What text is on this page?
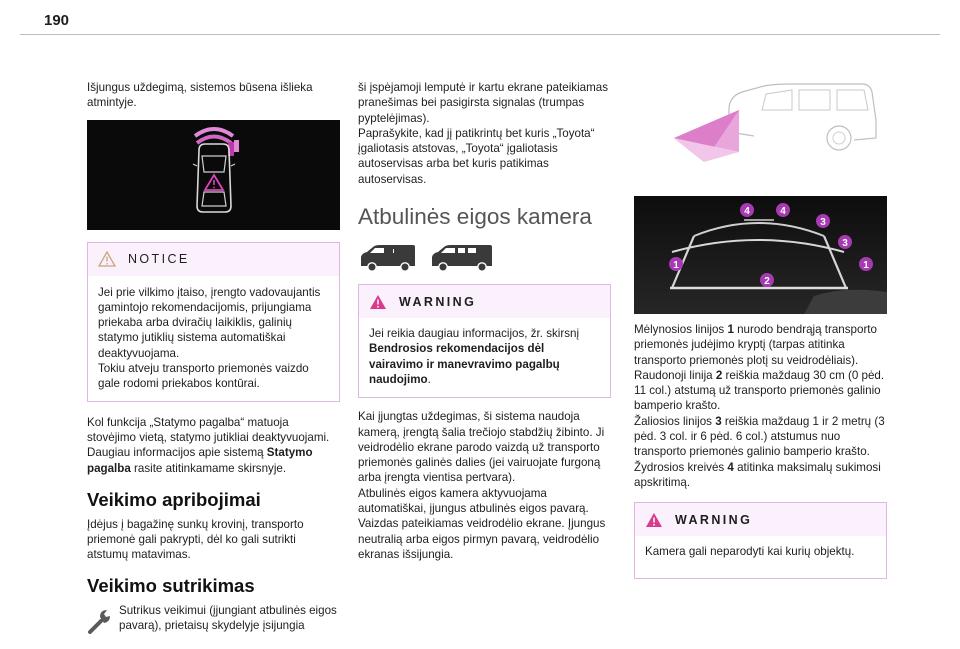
190

Išjungus uždegimą, sistemos būsena išlieka atmintyje.

NOTICE

Jei prie vilkimo įtaiso, įrengto vadovaujantis gamintojo rekomendacijomis, prijungiama priekaba arba dviračių laikiklis, galinių statymo jutiklių sistema automatiškai deaktyvuojama.
Tokiu atveju transporto priemonės vaizdo gale rodomi priekabos kontūrai.

Kol funkcija „Statymo pagalba“ matuoja stovėjimo vietą, statymo jutikliai deaktyvuojami. Daugiau informacijos apie sistemą Statymo pagalba rasite atitinkamame skirsnyje.

Veikimo apribojimai

Įdėjus į bagažinę sunkų krovinį, transporto priemonė gali pakrypti, dėl ko gali sutrikti atstumų matavimas.

Veikimo sutrikimas

Sutrikus veikimui (įjungiant atbulinės eigos pavarą), prietaisų skydelyje įsijungia

ši įspėjamoji lemputė ir kartu ekrane pateikiamas pranešimas bei pasigirsta signalas (trumpas pyptelėjimas).
Paprašykite, kad jį patikrintų bet kuris „Toyota“ įgaliotasis atstovas, „Toyota“ įgaliotasis autoservisas arba bet kuris patikimas autoservisas.

Atbulinės eigos kamera
WARNING

Jei reikia daugiau informacijos, žr. skirsnį Bendrosios rekomendacijos dėl vairavimo ir manevravimo pagalbų naudojimo.

Kai įjungtas uždegimas, ši sistema naudoja kamerą, įrengtą šalia trečiojo stabdžių žibinto. Ji veidrodėlio ekrane parodo vaizdą už transporto priemonės galinės dalies (jei vairuojate furgoną arba įrengta vientisa pertvara).
Atbulinės eigos kamera aktyvuojama automatiškai, įjungus atbulinės eigos pavarą. Vaizdas pateikiamas veidrodėlio ekrane. Įjungus neutralią arba eigos pirmyn pavarą, veidrodėlio ekranas išsijungia.

4	4
3
3
1	1
2

Mėlynosios linijos 1 nurodo bendrąją transporto priemonės judėjimo kryptį (tarpas atitinka transporto priemonės plotį su veidrodėliais).

Raudonoji linija 2 reiškia maždaug 30 cm (0 pėd. 11 col.) atstumą už transporto priemonės galinio bamperio krašto.

Žaliosios linijos 3 reiškia maždaug 1 ir 2 metrų (3 pėd. 3 col. ir 6 pėd. 6 col.) atstumus nuo transporto priemonės galinio bamperio krašto.

Žydrosios kreivės 4 atitinka maksimalų sukimosi apskritimą.

WARNING

Kamera gali neparodyti kai kurių objektų.
